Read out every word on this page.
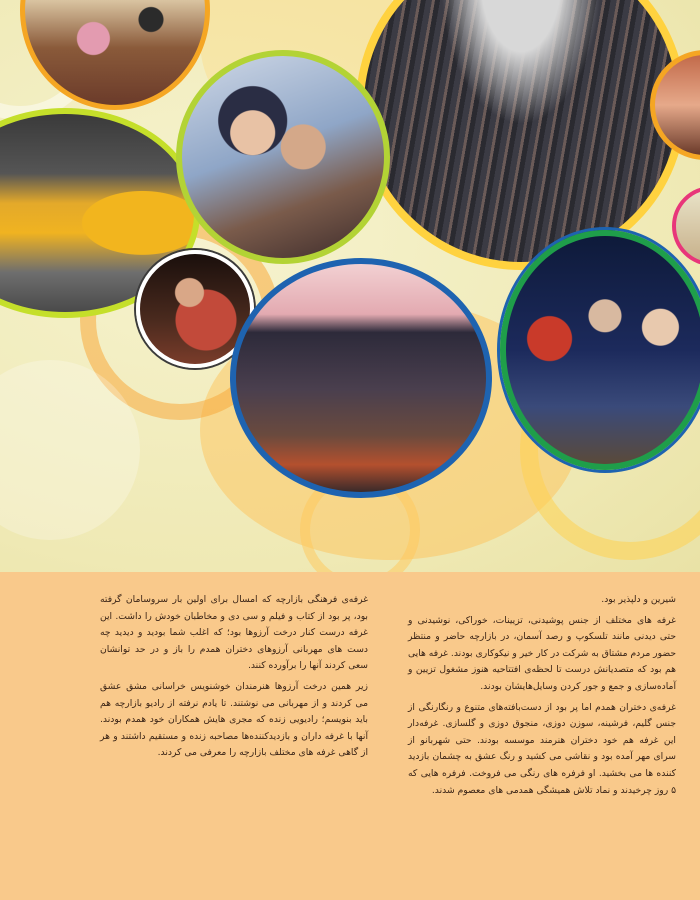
شیرین و دلپذیر بود.

غرفه های مختلف از جنس پوشیدنی، تزیینات، خوراکی، نوشیدنی و حتی دیدنی مانند تلسکوپ و رصد آسمان، در بازارچه حاضر و منتظر حضور مردم مشتاق به شرکت در کار خیر و نیکوکاری بودند. غرفه هایی هم بود که متصدیانش درست تا لحظه‌ی افتتاحیه هنوز مشغول تزیین و آماده‌سازی و جمع و جور کردن وسایل‌هایشان بودند.

غرفه‌ی دختران همدم اما پر بود از دست‌بافته‌های متنوع و رنگارنگی از جنس گلیم، فرشینه، سوزن دوزی، منجوق دوزی و گلسازی. غرفه‌دار این غرفه هم خود دختران هنرمند موسسه بودند. حتی شهربانو از سرای مهر آمده بود و نقاشی می کشید و رنگ عشق به چشمان بازدید کننده ها می بخشید. او فرفره های رنگی می فروخت. فرفره هایی که ۵ روز چرخیدند و نماد تلاش همیشگی همدمی های معصوم شدند.

غرفه‌ی فرهنگی بازارچه که امسال برای اولین بار سروسامان گرفته بود، پر بود از کتاب و فیلم و سی دی و مخاطبان خودش را داشت. این غرفه درست کنار درخت آرزوها بود؛ که اغلب شما بودید و دیدید چه دست های مهربانی آرزوهای دختران همدم را باز و در حد توانشان سعی کردند آنها را برآورده کنند.

زیر همین درخت آرزوها هنرمندان خوشنویس خراسانی مشق عشق می کردند و از مهربانی می نوشتند. تا یادم نرفته از رادیو بازارچه هم باید بنویسم؛ رادیویی زنده که مجری هایش همکاران خود همدم بودند. آنها با غرفه داران و بازدیدکننده‌ها مصاحبه زنده و مستقیم داشتند و هر از گاهی غرفه های مختلف بازارچه را معرفی می کردند.
